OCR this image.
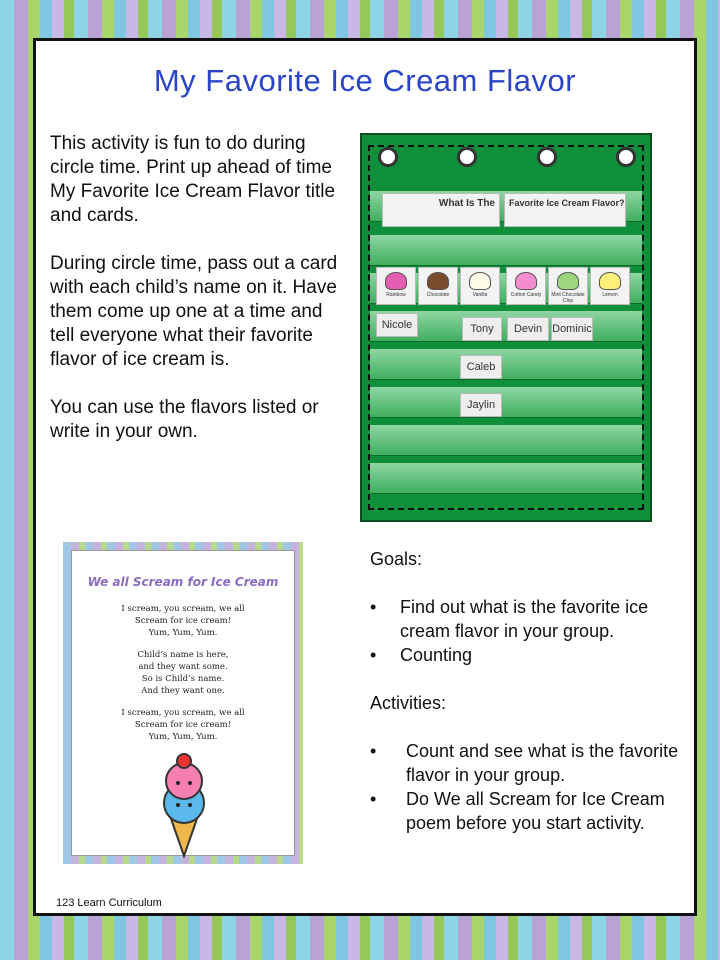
My Favorite Ice Cream Flavor

This activity is fun to do during circle time. Print up ahead of time My Favorite Ice Cream Flavor title and cards.

During circle time, pass out a card with each child’s name on it. Have them come up one at a time and tell everyone what their favorite flavor of ice cream is.

You can use the flavors listed or write in your own.

What Is The	Favorite Ice Cream Flavor?
Rainbow	Chocolate	Vanilla	Cotton Candy	Mint Chocolate Chip
Lemon
Nicole	Tony	Devin Dominic
Caleb
Jaylin
We all Scream for Ice Cream
I scream, you scream, we all
Scream for ice cream!
Yum, Yum, Yum.
Child’s name is here,
and they want some.
So is Child’s name.
And they want one.
I scream, you scream, we all
Scream for ice cream!
Yum, Yum, Yum.
Goals:
• Find out what is the favorite ice cream flavor in your group.
• Counting
Activities:
• Count and see what is the favorite flavor in your group.
• Do We all Scream for Ice Cream poem before you start activity.
123 Learn Curriculum
